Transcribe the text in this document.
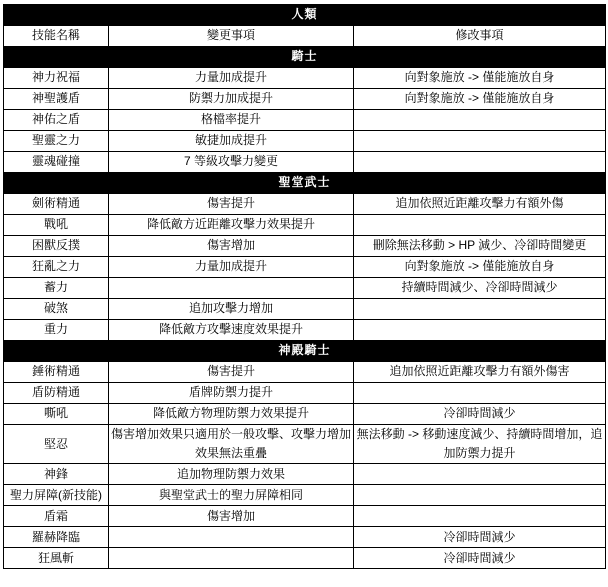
人類		
技能名稱	變更事項	修改事項
騎士		
神力祝福	力量加成提升	向對象施放 -> 僅能施放自身
神聖護盾	防禦力加成提升	向對象施放 -> 僅能施放自身
神佑之盾	格檔率提升	
聖靈之力	敏捷加成提升	
靈魂碰撞	7 等級攻擊力變更	
聖堂武士		
劍術精通	傷害提升	追加依照近距離攻擊力有額外傷
戰吼	降低敵方近距離攻擊力效果提升	
困獸反撲	傷害增加	刪除無法移動 > HP 減少、冷卻時間變更
狂亂之力	力量加成提升	向對象施放 -> 僅能施放自身
蓄力		持續時間減少、冷卻時間減少
破煞	追加攻擊力增加	
重力	降低敵方攻擊速度效果提升	
神殿騎士		
錘術精通	傷害提升	追加依照近距離攻擊力有額外傷害
盾防精通	盾牌防禦力提升	
嘶吼	降低敵方物理防禦力效果提升	冷卻時間減少
堅忍	傷害增加效果只適用於一般攻擊、攻擊力增加效果無法重疊	無法移動 -> 移動速度減少、持續時間增加，追加防禦力提升
神鋒	追加物理防禦力效果	
聖力屏障(新技能)	與聖堂武士的聖力屏障相同	
盾霜	傷害增加	
羅赫降臨		冷卻時間減少
狂風斬		冷卻時間減少
